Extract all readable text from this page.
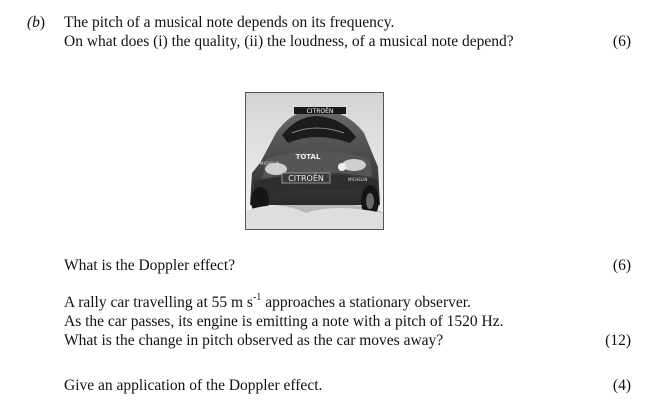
(b) The pitch of a musical note depends on its frequency.
On what does (i) the quality, (ii) the loudness, of a musical note depend?	(6)
CITROËN
TOTAL
CITROËN
MICHELIN
MICHELIN
What is the Doppler effect?	(6)
A rally car travelling at 55 m $s^{-1}$ approaches a stationary observer.
As the car passes, its engine is emitting a note with a pitch of 1520 Hz.
What is the change in pitch observed as the car moves away?	(12)
Give an application of the Doppler effect.	(4)
